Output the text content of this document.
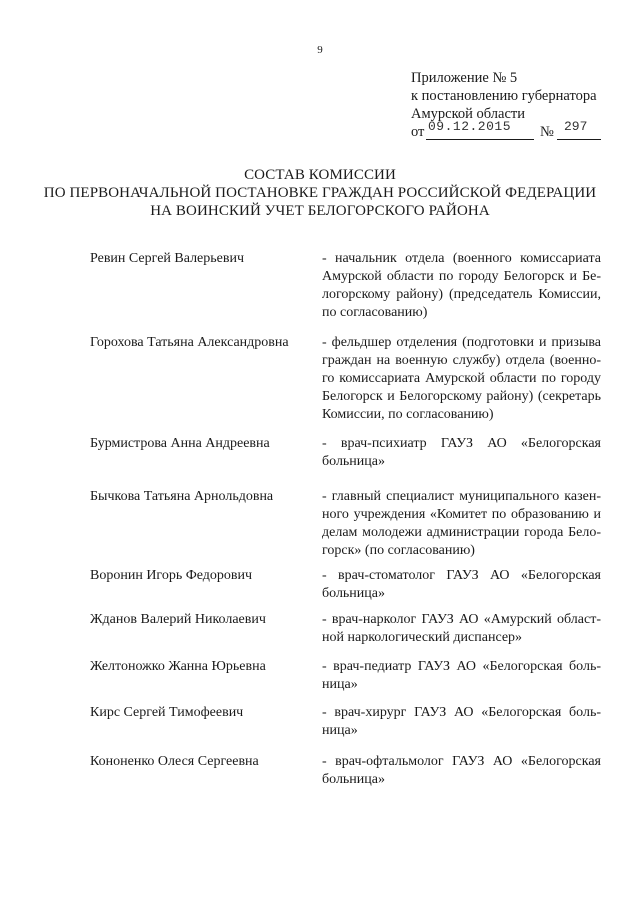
9
Приложение № 5
к постановлению губернатора
Амурской области
от 09.12.2015 № 297
СОСТАВ КОМИССИИ
ПО ПЕРВОНАЧАЛЬНОЙ ПОСТАНОВКЕ ГРАЖДАН РОССИЙСКОЙ ФЕДЕРАЦИИ
НА ВОИНСКИЙ УЧЕТ БЕЛОГОРСКОГО РАЙОНА
Ревин Сергей Валерьевич	- начальник отдела (военного комиссариата
Амурской области по городу Белогорск и Бе-
логорскому району) (председатель Комиссии,
по согласованию)
Горохова Татьяна Александровна - фельдшер отделения (подготовки и призыва
граждан на военную службу) отдела (военно-
го комиссариата Амурской области по городу
Белогорск и Белогорскому району) (секретарь
Комиссии, по согласованию)
Бурмистрова Анна Андреевна	- врач-психиатр ГАУЗ АО «Белогорская
больница»
Бычкова Татьяна Арнольдовна	- главный специалист муниципального казен-
ного учреждения «Комитет по образованию и
делам молодежи администрации города Бело-
горск» (по согласованию)
Воронин Игорь Федорович	- врач-стоматолог ГАУЗ АО «Белогорская
больница»
Жданов Валерий Николаевич	- врач-нарколог ГАУЗ АО «Амурский област-
ной наркологический диспансер»
Желтоножко Жанна Юрьевна	- врач-педиатр ГАУЗ АО «Белогорская боль-
ница»
Кирс Сергей Тимофеевич	- врач-хирург ГАУЗ АО «Белогорская боль-
ница»
Кононенко Олеся Сергеевна	- врач-офтальмолог ГАУЗ АО «Белогорская
больница»
